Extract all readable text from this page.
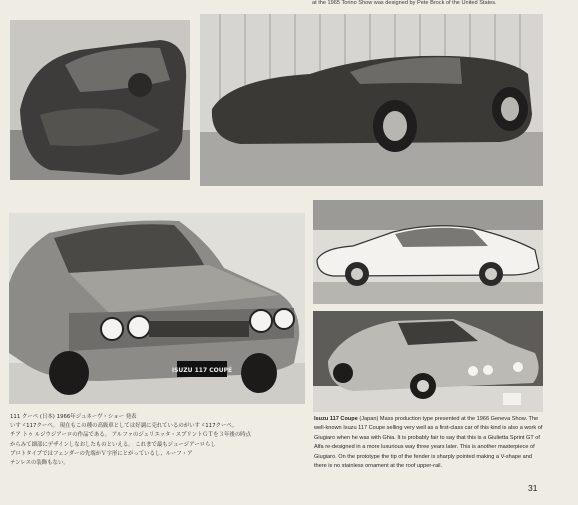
at the 1965 Torino Show was designed by Pete Brock of the United States.
ISUZU 117 COUPÉ
111 クーペ (日本) 1966年ジュネーヴ・ショー 発表
いすゞ117クーペ。 現在もこの種の高級車としては好調に売れているのがいすゞ117クーペ。
チア トゥ ルジウジアーロの作品である。 アルファのジュリエッタ・スプリントＧＴを３年後の時点
からみて細部にデザインしなおしたものといえる。 これまで最もジュージアーロらし
プロトタイプではフェンダーの先端がＶ字形にとがっているし、ルーフ・ア
テンレスの装飾もない。
Isuzu 117 Coupe (Japan) Mass production type presented at the 1966 Geneva Show. The well-known Isuzu 117 Coupe selling very well as a first-class car of this kind is also a work of Giugiaro when he was with Ghia. It is probably fair to say that this is a Giulietta Sprint GT of Alfa re-designed in a more luxurious way three years later. This is another masterpiece of Giugiaro. On the prototype the tip of the fender is sharply pointed making a V-shape and there is no stainless ornament at the roof upper-rail.
31
